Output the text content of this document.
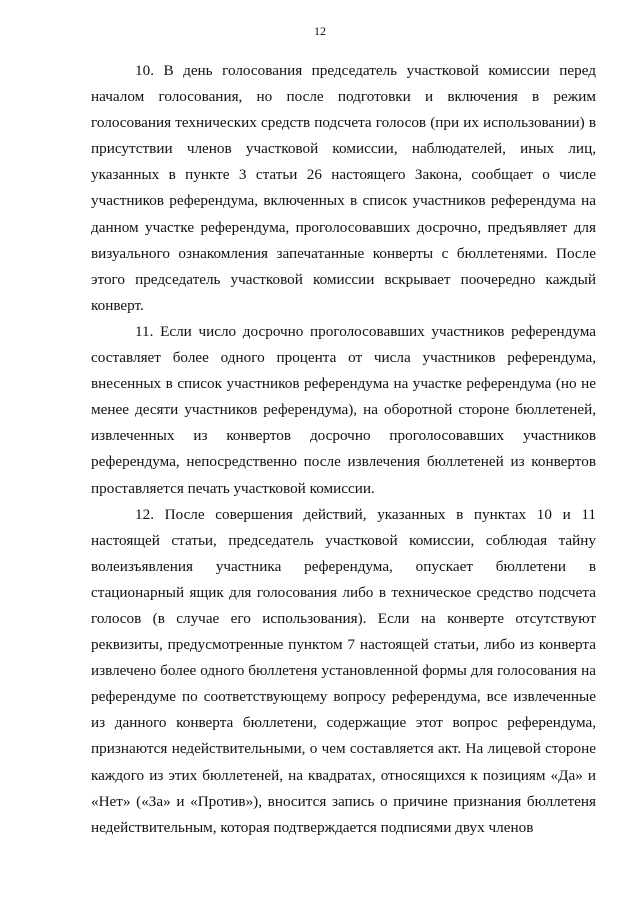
12

10. В день голосования председатель участковой комиссии перед началом голосования, но после подготовки и включения в режим голосования технических средств подсчета голосов (при их использовании) в присутствии членов участковой комиссии, наблюдателей, иных лиц, указанных в пункте 3 статьи 26 настоящего Закона, сообщает о числе участников референдума, включенных в список участников референдума на данном участке референдума, проголосовавших досрочно, предъявляет для визуального ознакомления запечатанные конверты с бюллетенями. После этого председатель участковой комиссии вскрывает поочередно каждый конверт.

11. Если число досрочно проголосовавших участников референдума составляет более одного процента от числа участников референдума, внесенных в список участников референдума на участке референдума (но не менее десяти участников референдума), на оборотной стороне бюллетеней, извлеченных из конвертов досрочно проголосовавших участников референдума, непосредственно после извлечения бюллетеней из конвертов проставляется печать участковой комиссии.

12. После совершения действий, указанных в пунктах 10 и 11 настоящей статьи, председатель участковой комиссии, соблюдая тайну волеизъявления участника референдума, опускает бюллетени в стационарный ящик для голосования либо в техническое средство подсчета голосов (в случае его использования). Если на конверте отсутствуют реквизиты, предусмотренные пунктом 7 настоящей статьи, либо из конверта извлечено более одного бюллетеня установленной формы для голосования на референдуме по соответствующему вопросу референдума, все извлеченные из данного конверта бюллетени, содержащие этот вопрос референдума, признаются недействительными, о чем составляется акт. На лицевой стороне каждого из этих бюллетеней, на квадратах, относящихся к позициям «Да» и «Нет» («За» и «Против»), вносится запись о причине признания бюллетеня недействительным, которая подтверждается подписями двух членов
